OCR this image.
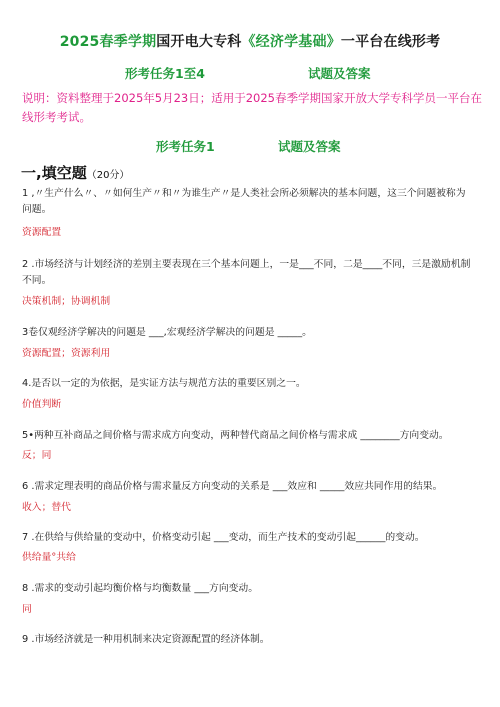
2025春季学期国开电大专科《经济学基础》一平台在线形考
形考任务1至4	试题及答案
说明：资料整理于2025年5月23日；适用于2025春季学期国家开放大学专科学员一平台在线形考考试。
形考任务1	试题及答案
一,填空题（20分）
1 ,〃生产什么〃、〃如何生产〃和〃为谁生产〃是人类社会所必须解决的基本问题，这三个问题被称为 问题。
资源配置
2 .市场经济与计划经济的差别主要表现在三个基本问题上，一是___不同，二是____不同，三是激励机制不同。
决策机制；协调机制
3卷仅观经济学解决的问题是 ___,宏观经济学解决的问题是 _____。
资源配置；资源利用
4.是否以一定的为依据，是实证方法与规范方法的重要区别之一。
价值判断
5•两种互补商品之间价格与需求成方向变动，两种替代商品之间价格与需求成 ________方向变动。
反；同
6 .需求定理表明的商品价格与需求量反方向变动的关系是 ___效应和 _____效应共同作用的结果。
收入；替代
7 .在供给与供给量的变动中，价格变动引起 ___变动，而生产技术的变动引起______的变动。
供给量°共给
8 .需求的变动引起均衡价格与均衡数量 ___方向变动。
同
9 .市场经济就是一种用机制来决定资源配置的经济体制。
